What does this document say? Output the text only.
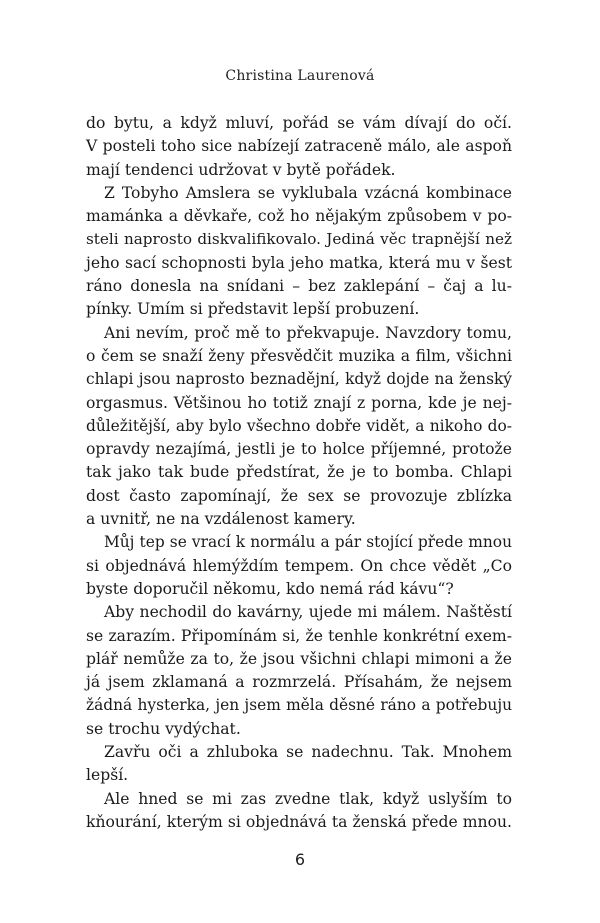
Christina Laurenová

do bytu, a když mluví, pořád se vám dívají do očí.
V posteli toho sice nabízejí zatraceně málo, ale aspoň
mají tendenci udržovat v bytě pořádek.

Z Tobyho Amslera se vyklubala vzácná kombinace
mamánka a děvkaře, což ho nějakým způsobem v po-
steli naprosto diskvalifikovalo. Jediná věc trapnější než
jeho sací schopnosti byla jeho matka, která mu v šest
ráno donesla na snídani – bez zaklepání – čaj a lu-
pínky. Umím si představit lepší probuzení.

Ani nevím, proč mě to překvapuje. Navzdory tomu,
o čem se snaží ženy přesvědčit muzika a film, všichni
chlapi jsou naprosto beznadějní, když dojde na ženský
orgasmus. Většinou ho totiž znají z porna, kde je nej-
důležitější, aby bylo všechno dobře vidět, a nikoho do-
opravdy nezajímá, jestli je to holce příjemné, protože
tak jako tak bude předstírat, že je to bomba. Chlapi
dost často zapomínají, že sex se provozuje zblízka
a uvnitř, ne na vzdálenost kamery.

Můj tep se vrací k normálu a pár stojící přede mnou
si objednává hlemýždím tempem. On chce vědět „Co
byste doporučil někomu, kdo nemá rád kávu“?

Aby nechodil do kavárny, ujede mi málem. Naštěstí
se zarazím. Připomínám si, že tenhle konkrétní exem-
plář nemůže za to, že jsou všichni chlapi mimoni a že
já jsem zklamaná a rozmrzelá. Přísahám, že nejsem
žádná hysterka, jen jsem měla děsné ráno a potřebuju
se trochu vydýchat.

Zavřu oči a zhluboka se nadechnu. Tak. Mnohem
lepší.

Ale hned se mi zas zvedne tlak, když uslyším to
kňourání, kterým si objednává ta ženská přede mnou.

6
